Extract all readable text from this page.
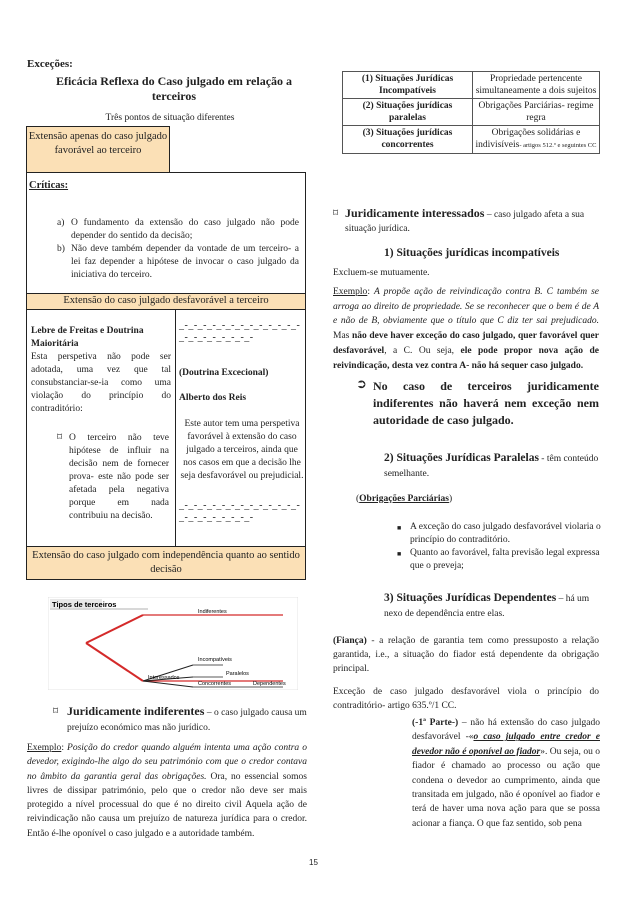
Exceções:
Eficácia Reflexa do Caso julgado em relação a terceiros
Três pontos de situação diferentes
Extensão apenas do caso julgado favorável ao terceiro
Críticas:
a) O fundamento da extensão do caso julgado não pode depender do sentido da decisão;
b) Não deve também depender da vontade de um terceiro- a lei faz depender a hipótese de invocar o caso julgado da iniciativa do terceiro.
Extensão do caso julgado desfavorável a terceiro
Lebre de Freitas e Doutrina Maioritária
Esta perspetiva não pode ser adotada, uma vez que tal consubstanciar-se-ia como uma violação do princípio do contraditório:
⌑ O terceiro não teve hipótese de influir na decisão nem de fornecer prova- este não pode ser afetada pela negativa porque em nada contribuiu na decisão.
_-_-_-_-_-_-_-_-_-_-_-_-_-_-_-_-_-_-_-_-_-
(Doutrina Excecional)
Alberto dos Reis
Este autor tem uma perspetiva favorável à extensão do caso julgado a terceiros, ainda que nos casos em que a decisão lhe seja desfavorável ou prejudicial.
_-_-_-_-_-_-_-_-_-_-_-_-_-_-_-_-_-_-_-_-_-
Extensão do caso julgado com independência quanto ao sentido decisão
Tipos de terceiros
Indiferentes
Incompatíveis
Interessados
Paralelos
Concorrentes	Dependentes
⌑ Juridicamente indiferentes – o caso julgado causa um prejuízo económico mas não jurídico.
Exemplo: Posição do credor quando alguém intenta uma ação contra o devedor, exigindo-lhe algo do seu património com que o credor contava no âmbito da garantia geral das obrigações. Ora, no essencial somos livres de dissipar património, pelo que o credor não deve ser mais protegido a nível processual do que é no direito civil Aquela ação de reivindicação não causa um prejuízo de natureza jurídica para o credor. Então é-lhe oponível o caso julgado e a autoridade também.
(1) Situações Jurídicas Incompatíveis	Propriedade pertencente simultaneamente a dois sujeitos
(2) Situações jurídicas paralelas	Obrigações Parciárias- regime regra
(3) Situações jurídicas concorrentes	Obrigações solidárias e indivisíveis- artigos 512.º e seguintes CC
⌑ Juridicamente interessados – caso julgado afeta a sua situação jurídica.
1) Situações jurídicas incompatíveis
Excluem-se mutuamente.
Exemplo: A propõe ação de reivindicação contra B. C também se arroga ao direito de propriedade. Se se reconhecer que o bem é de A e não de B, obviamente que o título que C diz ter sai prejudicado. Mas não deve haver exceção do caso julgado, quer favorável quer desfavorável, a C. Ou seja, ele pode propor nova ação de reivindicação, desta vez contra A- não há sequer caso julgado.
➲ No caso de terceiros juridicamente indiferentes não haverá nem exceção nem autoridade de caso julgado.
2) Situações Jurídicas Paralelas - têm conteúdo semelhante.
(Obrigações Parciárias)
■ A exceção do caso julgado desfavorável violaria o princípio do contraditório.
■ Quanto ao favorável, falta previsão legal expressa que o preveja;
3) Situações Jurídicas Dependentes – há um nexo de dependência entre elas.
(Fiança) - a relação de garantia tem como pressuposto a relação garantida, i.e., a situação do fiador está dependente da obrigação principal.
Exceção de caso julgado desfavorável viola o princípio do contraditório- artigo 635.º/1 CC.
(-1ª Parte-) – não há extensão do caso julgado desfavorável -«o caso julgado entre credor e devedor não é oponível ao fiador». Ou seja, ou o fiador é chamado ao processo ou ação que condena o devedor ao cumprimento, ainda que transitada em julgado, não é oponível ao fiador e terá de haver uma nova ação para que se possa acionar a fiança. O que faz sentido, sob pena
15
